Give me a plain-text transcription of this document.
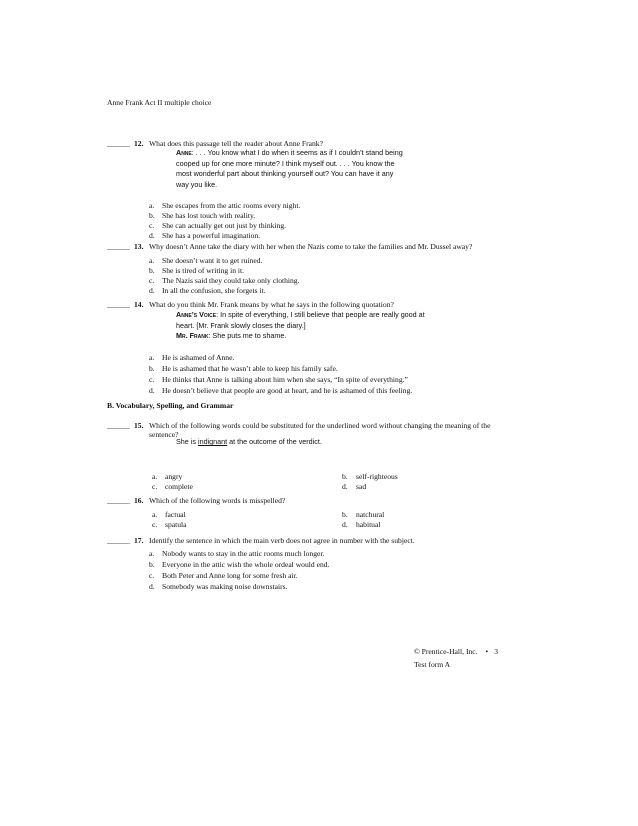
Anne Frank Act II multiple choice
______ 12. What does this passage tell the reader about Anne Frank?
Anne: . . . You know what I do when it seems as if I couldn’t stand being
cooped up for one more minute? I think myself out. . . . You know the
most wonderful part about thinking yourself out? You can have it any
way you like.
a. She escapes from the attic rooms every night.
b. She has lost touch with reality.
c. She can actually get out just by thinking.
d. She has a powerful imagination.
______ 13. Why doesn’t Anne take the diary with her when the Nazis come to take the families and Mr. Dussel away?
a. She doesn’t want it to get ruined.
b. She is tired of writing in it.
c. The Nazis said they could take only clothing.
d. In all the confusion, she forgets it.
______ 14. What do you think Mr. Frank means by what he says in the following quotation?
Anne’s Voice: In spite of everything, I still believe that people are really good at
heart. [Mr. Frank slowly closes the diary.]
Mr. Frank: She puts me to shame.
a. He is ashamed of Anne.
b. He is ashamed that he wasn’t able to keep his family safe.
c. He thinks that Anne is talking about him when she says, “In spite of everything.”
d. He doesn’t believe that people are good at heart, and he is ashamed of this feeling.
B. Vocabulary, Spelling, and Grammar
______ 15. Which of the following words could be substituted for the underlined word without changing the meaning of the
sentence?
She is indignant at the outcome of the verdict.
a. angry	b. self-righteous
c. complete	d. sad
______ 16. Which of the following words is misspelled?
a. factual	b. natchural
c. spatula	d. habitual
______ 17. Identify the sentence in which the main verb does not agree in number with the subject.
a. Nobody wants to stay in the attic rooms much longer.
b. Everyone in the attic wish the whole ordeal would end.
c. Both Peter and Anne long for some fresh air.
d. Somebody was making noise downstairs.
© Prentice-Hall, Inc. • 3
Test form A
